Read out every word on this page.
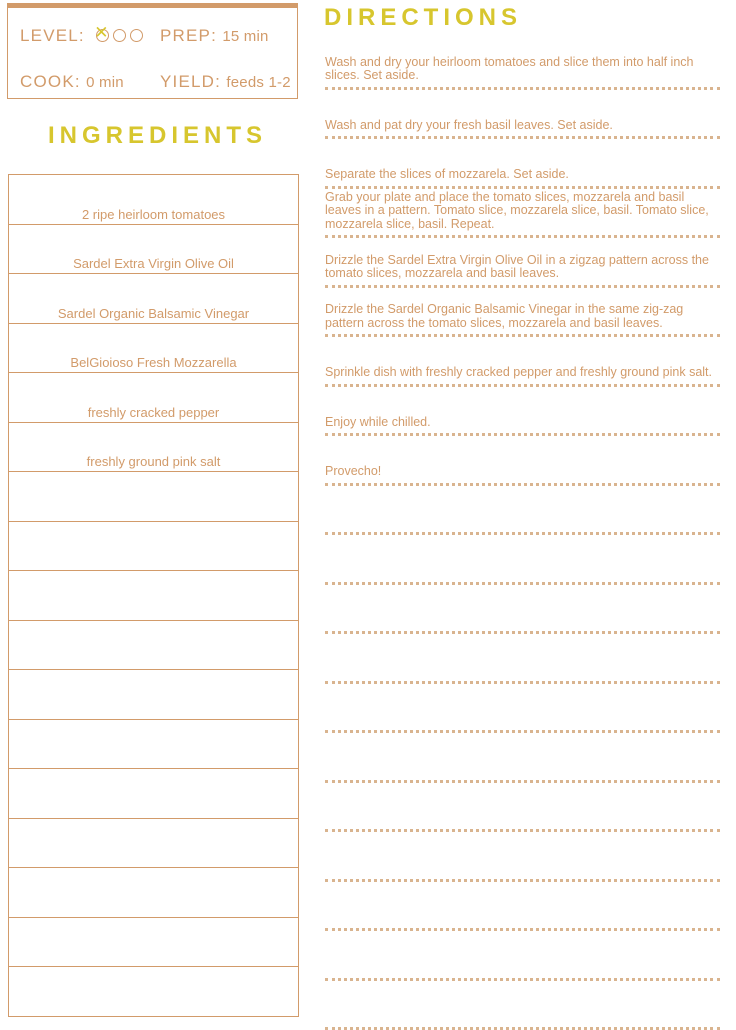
LEVEL: ✕	PREP: 15 min
COOK: 0 min YIELD: feeds 1-2
INGREDIENTS
DIRECTIONS
2 ripe heirloom tomatoes
Sardel Extra Virgin Olive Oil
Sardel Organic Balsamic Vinegar
BelGioioso Fresh Mozzarella
freshly cracked pepper
freshly ground pink salt
Wash and dry your heirloom tomatoes and slice them into half inch slices. Set aside.
Wash and pat dry your fresh basil leaves. Set aside.
Separate the slices of mozzarela. Set aside.
Grab your plate and place the tomato slices, mozzarela and basil leaves in a pattern. Tomato slice, mozzarela slice, basil. Tomato slice, mozzarela slice, basil. Repeat.
Drizzle the Sardel Extra Virgin Olive Oil in a zigzag pattern across the tomato slices, mozzarela and basil leaves.
Drizzle the Sardel Organic Balsamic Vinegar in the same zig-zag pattern across the tomato slices, mozzarela and basil leaves.
Sprinkle dish with freshly cracked pepper and freshly ground pink salt.
Enjoy while chilled.
Provecho!
